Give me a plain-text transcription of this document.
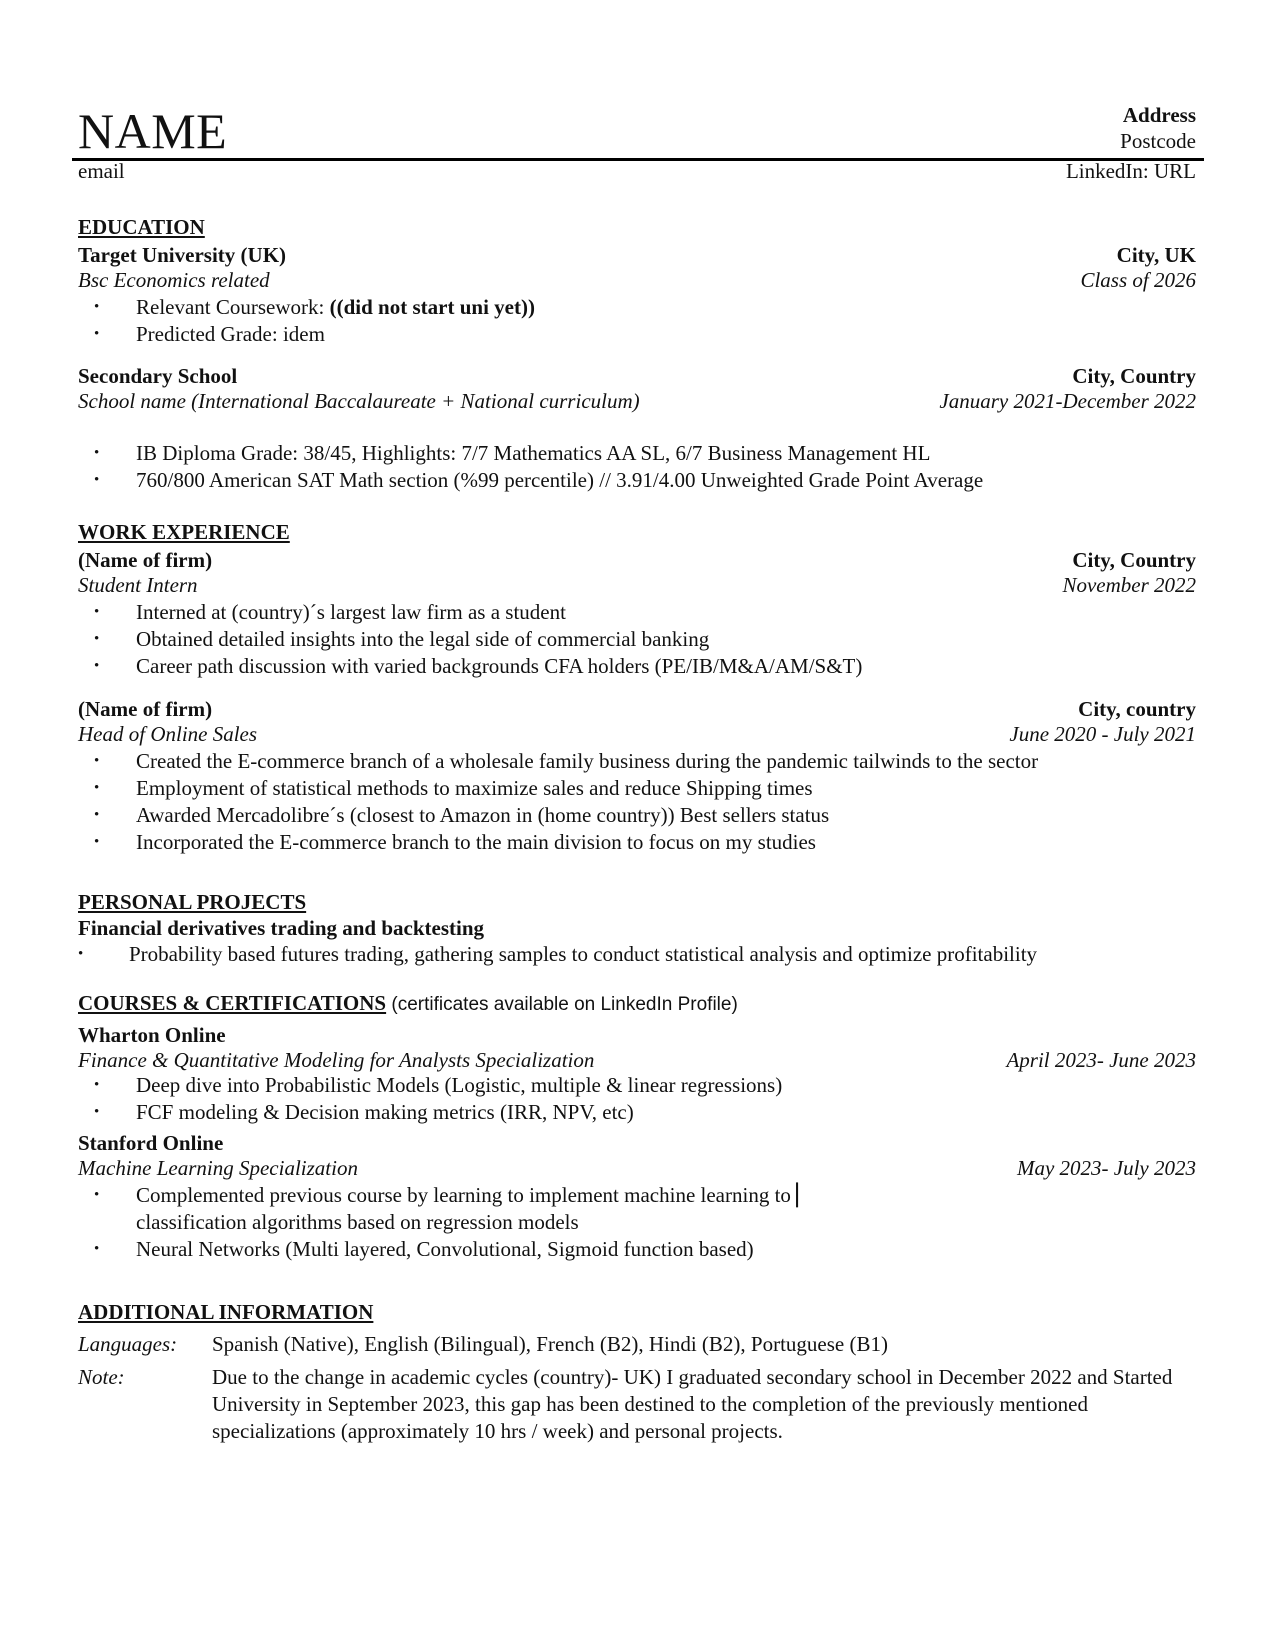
NAME	Address
Postcode
email	LinkedIn: URL
EDUCATION
Target University (UK)	City, UK
Bsc Economics related	Class of 2026
• Relevant Coursework: ((did not start uni yet))
• Predicted Grade: idem
Secondary School	City, Country
School name (International Baccalaureate + National curriculum)	January 2021-December 2022
• IB Diploma Grade: 38/45, Highlights: 7/7 Mathematics AA SL, 6/7 Business Management HL
• 760/800 American SAT Math section (%99 percentile) // 3.91/4.00 Unweighted Grade Point Average
WORK EXPERIENCE
(Name of firm)	City, Country
Student Intern	November 2022
• Interned at (country)´s largest law firm as a student
• Obtained detailed insights into the legal side of commercial banking
• Career path discussion with varied backgrounds CFA holders (PE/IB/M&A/AM/S&T)
(Name of firm)	City, country
Head of Online Sales	June 2020 - July 2021
• Created the E-commerce branch of a wholesale family business during the pandemic tailwinds to the sector
• Employment of statistical methods to maximize sales and reduce Shipping times
• Awarded Mercadolibre´s (closest to Amazon in (home country)) Best sellers status
• Incorporated the E-commerce branch to the main division to focus on my studies
PERSONAL PROJECTS
Financial derivatives trading and backtesting
• Probability based futures trading, gathering samples to conduct statistical analysis and optimize profitability
COURSES & CERTIFICATIONS (certificates available on LinkedIn Profile)
Wharton Online
Finance & Quantitative Modeling for Analysts Specialization	April 2023- June 2023
• Deep dive into Probabilistic Models (Logistic, multiple & linear regressions)
• FCF modeling & Decision making metrics (IRR, NPV, etc)
Stanford Online
Machine Learning Specialization	May 2023- July 2023
• Complemented previous course by learning to implement machine learning to ▏ classification algorithms based on regression models
• Neural Networks (Multi layered, Convolutional, Sigmoid function based)
ADDITIONAL INFORMATION
Languages: Spanish (Native), English (Bilingual), French (B2), Hindi (B2), Portuguese (B1)
Note:	Due to the change in academic cycles (country)- UK) I graduated secondary school in December 2022 and Started University in September 2023, this gap has been destined to the completion of the previously mentioned specializations (approximately 10 hrs / week) and personal projects.
